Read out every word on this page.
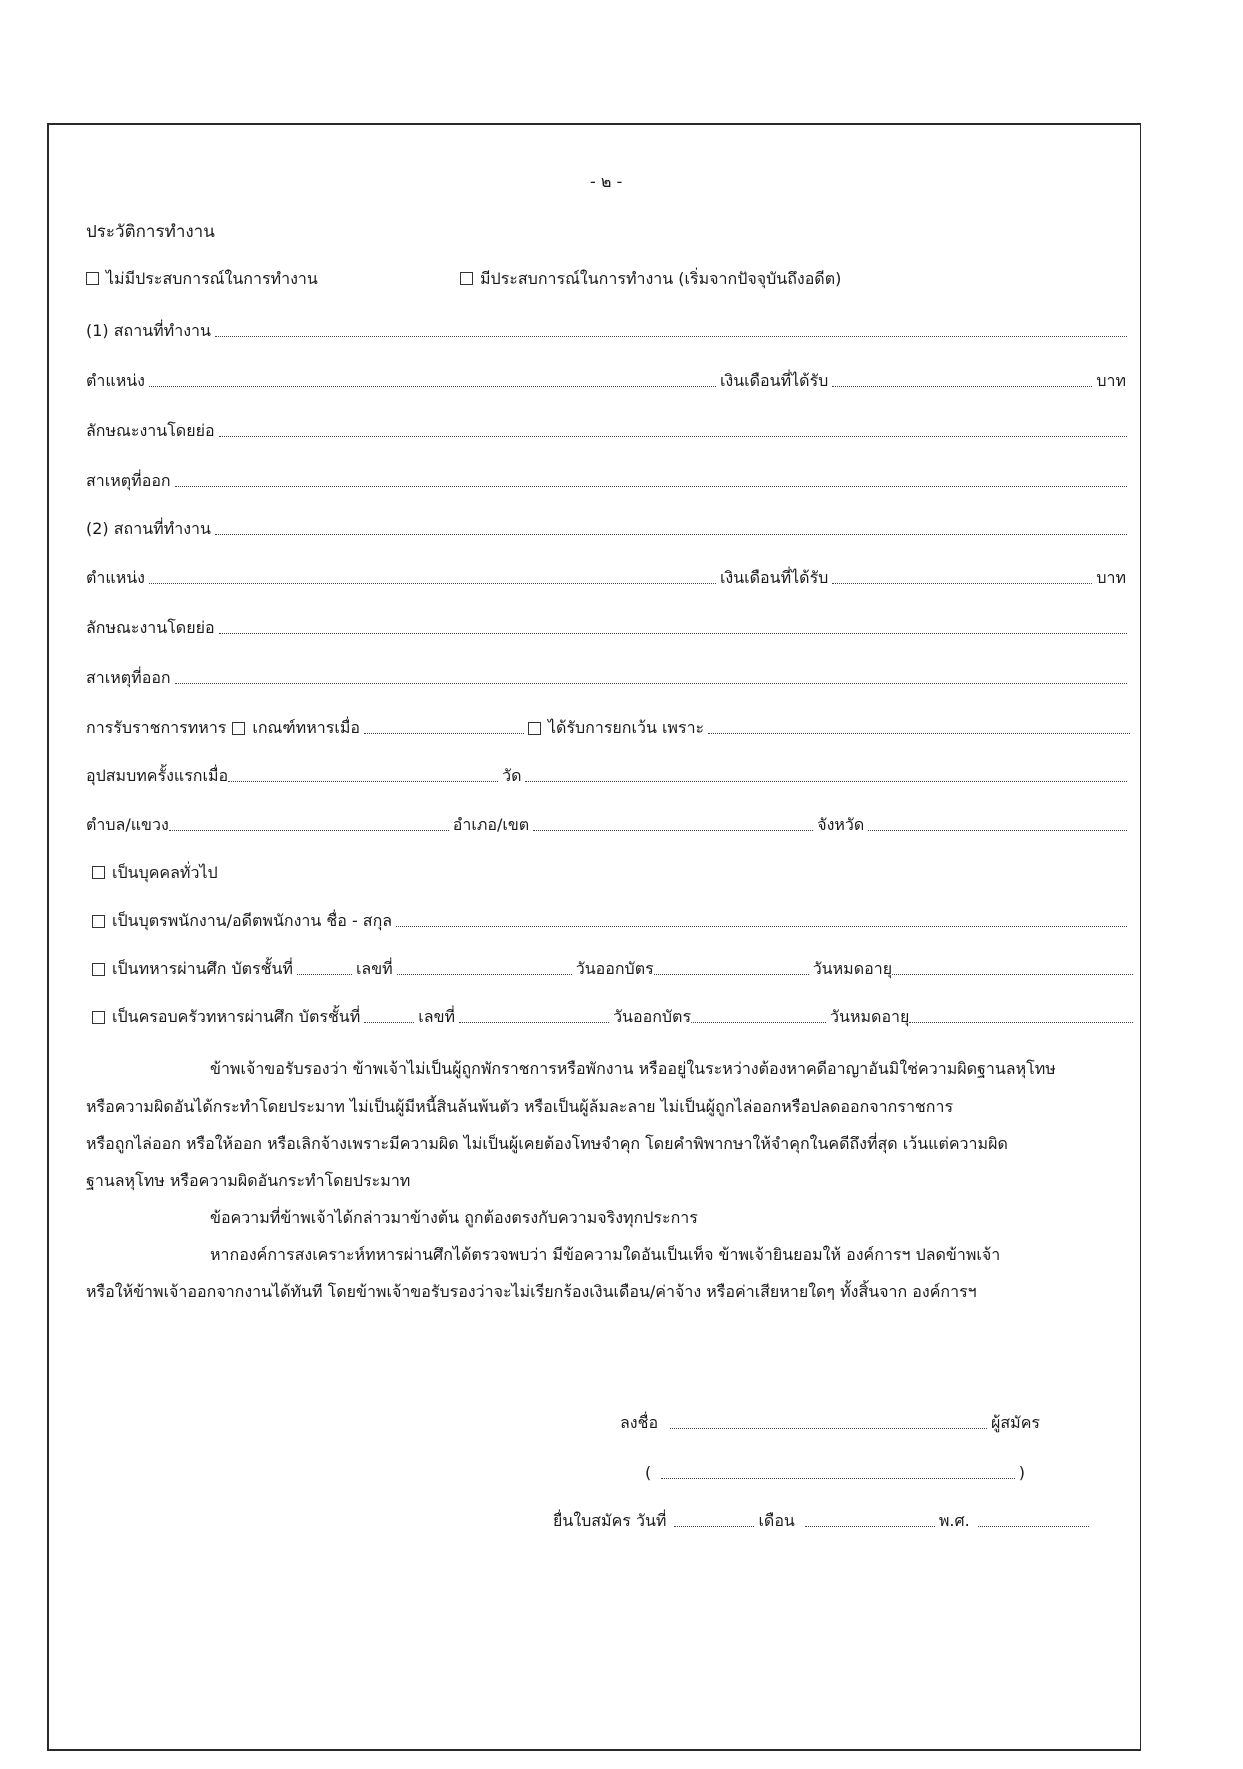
- ๒ -
ประวัติการทำงาน
ไม่มีประสบการณ์ในการทำงาน	มีประสบการณ์ในการทำงาน (เริ่มจากปัจจุบันถึงอดีต)
(1) สถานที่ทำงาน
ตำแหน่ง	เงินเดือนที่ได้รับ	บาท
ลักษณะงานโดยย่อ
สาเหตุที่ออก
(2) สถานที่ทำงาน
ตำแหน่ง	เงินเดือนที่ได้รับ	บาท
ลักษณะงานโดยย่อ
สาเหตุที่ออก
การรับราชการทหาร เกณฑ์ทหารเมื่อ	ได้รับการยกเว้น เพราะ
อุปสมบทครั้งแรกเมื่อ	วัด
ตำบล/แขวง	อำเภอ/เขต	จังหวัด
เป็นบุคคลทั่วไป
เป็นบุตรพนักงาน/อดีตพนักงาน ชื่อ - สกุล
เป็นทหารผ่านศึก บัตรชั้นที่	เลขที่	วันออกบัตร	วันหมดอายุ
เป็นครอบครัวทหารผ่านศึก บัตรชั้นที่	เลขที่	วันออกบัตร	วันหมดอายุ
ข้าพเจ้าขอรับรองว่า ข้าพเจ้าไม่เป็นผู้ถูกพักราชการหรือพักงาน หรืออยู่ในระหว่างต้องหาคดีอาญาอันมิใช่ความผิดฐานลหุโทษ
หรือความผิดอันได้กระทำโดยประมาท ไม่เป็นผู้มีหนี้สินล้นพ้นตัว หรือเป็นผู้ล้มละลาย ไม่เป็นผู้ถูกไล่ออกหรือปลดออกจากราชการ
หรือถูกไล่ออก หรือให้ออก หรือเลิกจ้างเพราะมีความผิด ไม่เป็นผู้เคยต้องโทษจำคุก โดยคำพิพากษาให้จำคุกในคดีถึงที่สุด เว้นแต่ความผิด
ฐานลหุโทษ หรือความผิดอันกระทำโดยประมาท
ข้อความที่ข้าพเจ้าได้กล่าวมาข้างต้น ถูกต้องตรงกับความจริงทุกประการ
หากองค์การสงเคราะห์ทหารผ่านศึกได้ตรวจพบว่า มีข้อความใดอันเป็นเท็จ ข้าพเจ้ายินยอมให้ องค์การฯ ปลดข้าพเจ้า
หรือให้ข้าพเจ้าออกจากงานได้ทันที โดยข้าพเจ้าขอรับรองว่าจะไม่เรียกร้องเงินเดือน/ค่าจ้าง หรือค่าเสียหายใดๆ ทั้งสิ้นจาก องค์การฯ
ลงชื่อ	ผู้สมัคร
(	)
ยื่นใบสมัคร วันที่	เดือน	พ.ศ.
